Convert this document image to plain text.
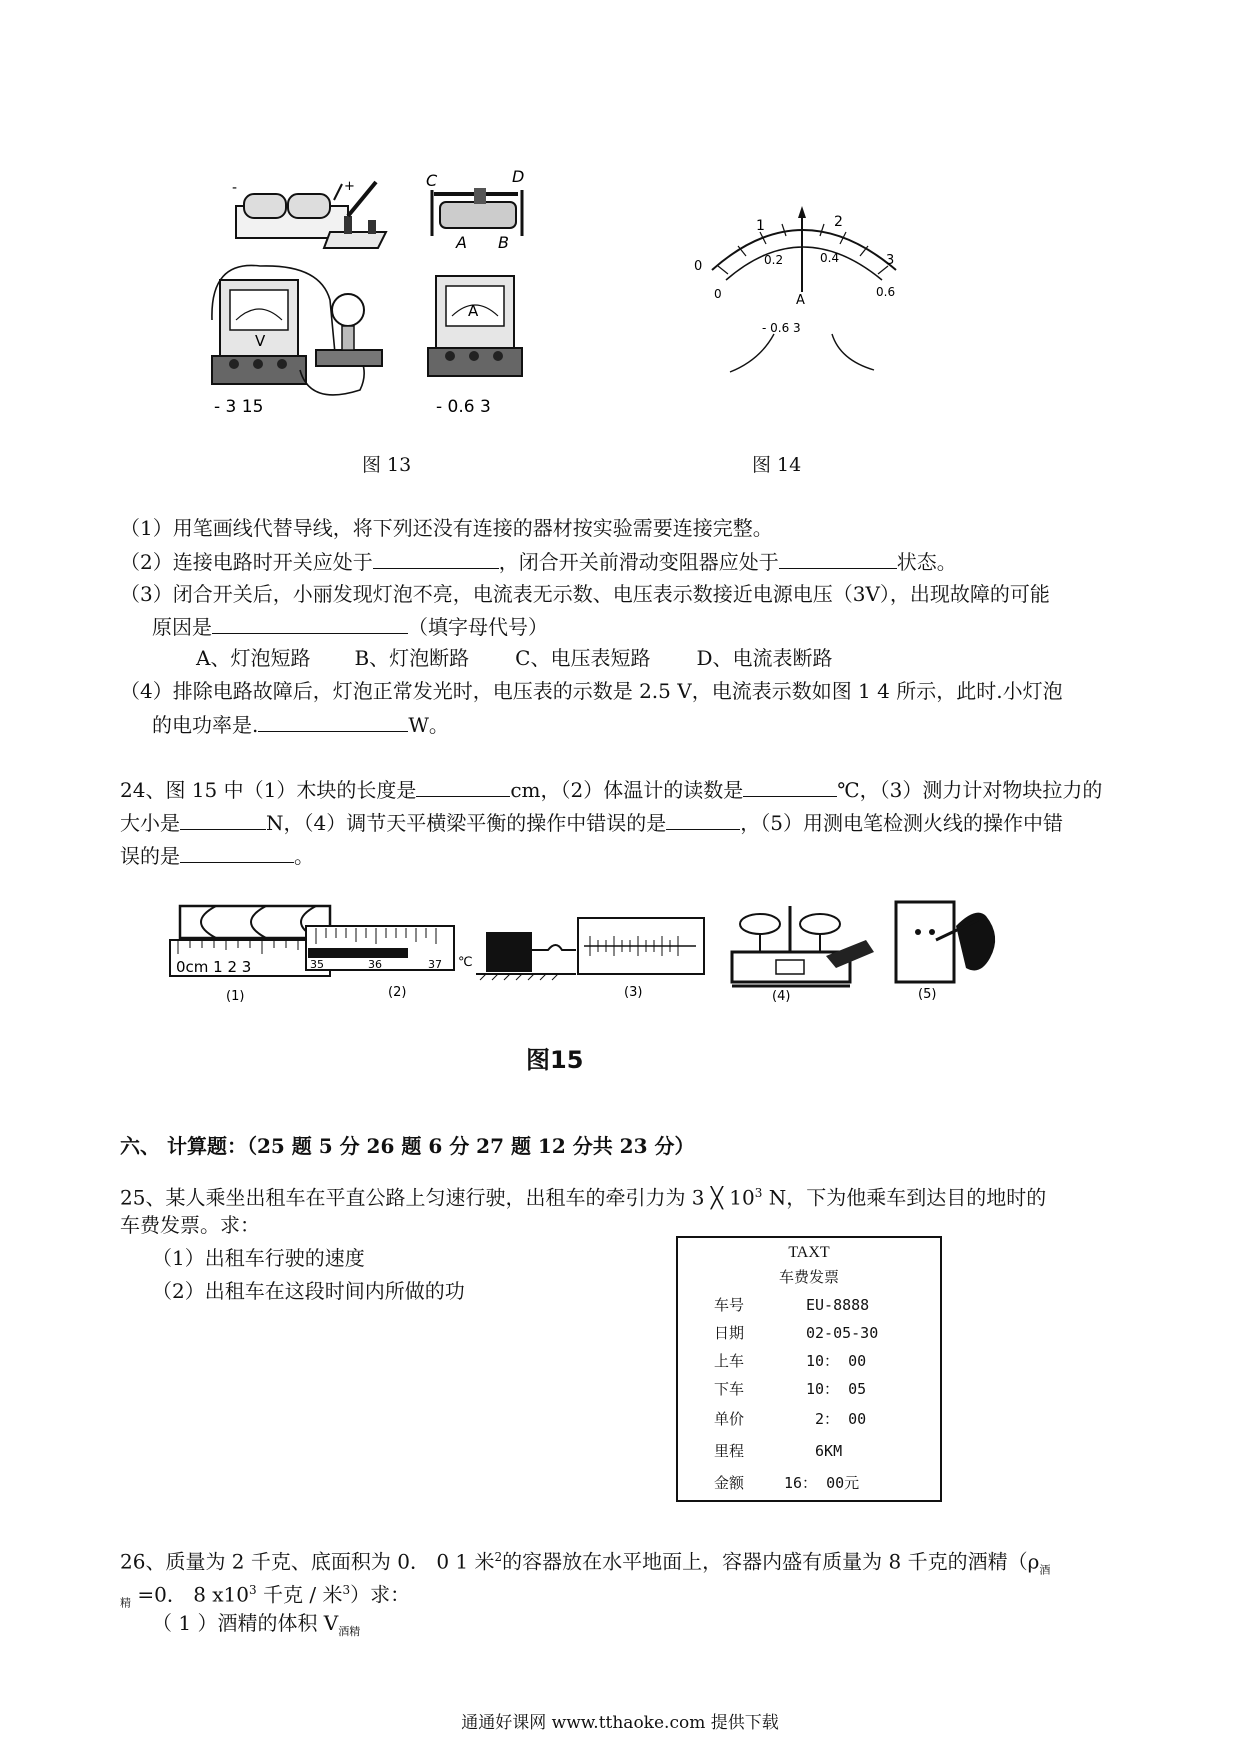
-	+	C	D
A B
V
- 3 15
A
- 0.6 3
图 13
1	2
0	3
0.2	0.4
0	0.6
A
- 0.6 3
图 14
（1）用笔画线代替导线，将下列还没有连接的器材按实验需要连接完整。
（2）连接电路时开关应处于	，闭合开关前滑动变阻器应处于	状态。
（3）闭合开关后，小丽发现灯泡不亮，电流表无示数、电压表示数接近电源电压（3V），出现故障的可能
原因是	（填字母代号）
A、灯泡短路 B、灯泡断路 C、电压表短路 D、电流表断路
（4）排除电路故障后，灯泡正常发光时，电压表的示数是 2.5 V，电流表示数如图 1 4 所示，此时.小灯泡
的电功率是.	W。
24、图 15 中（1）木块的长度是	cm，（2）体温计的读数是	℃，（3）测力计对物块拉力的
大小是	N，（4）调节天平横梁平衡的操作中错误的是	，（5）用测电笔检测火线的操作中错
误的是	。
0cm 1 2 3
(1)
35	36	37 ℃
(2)	(3)	(4)	(5)
图15
六、 计算题：（25 题 5 分 26 题 6 分 27 题 12 分共 23 分）
25、某人乘坐出租车在平直公路上匀速行驶，出租车的牵引力为 3 ╳ $10^3$ N，下为他乘车到达目的地时的
车费发票。求：
（1）出租车行驶的速度
（2）出租车在这段时间内所做的功
TAXT
车费发票
车号	EU-8888
日期	02-05-30
上车	10： 00
下车	10： 05
单价	2： 00
里程	6KM
金额	16： 00元
26、质量为 2 千克、底面积为 0． 0 1 米$^2$的容器放在水平地面上，容器内盛有质量为 8 千克的酒精（$\rho_酒$
$_精$ =0． 8 $x10^3$ 千克 / 米$^3$）求：
（ 1 ）酒精的体积 $V_{酒精}$
通通好课网 www.tthaoke.com 提供下载
